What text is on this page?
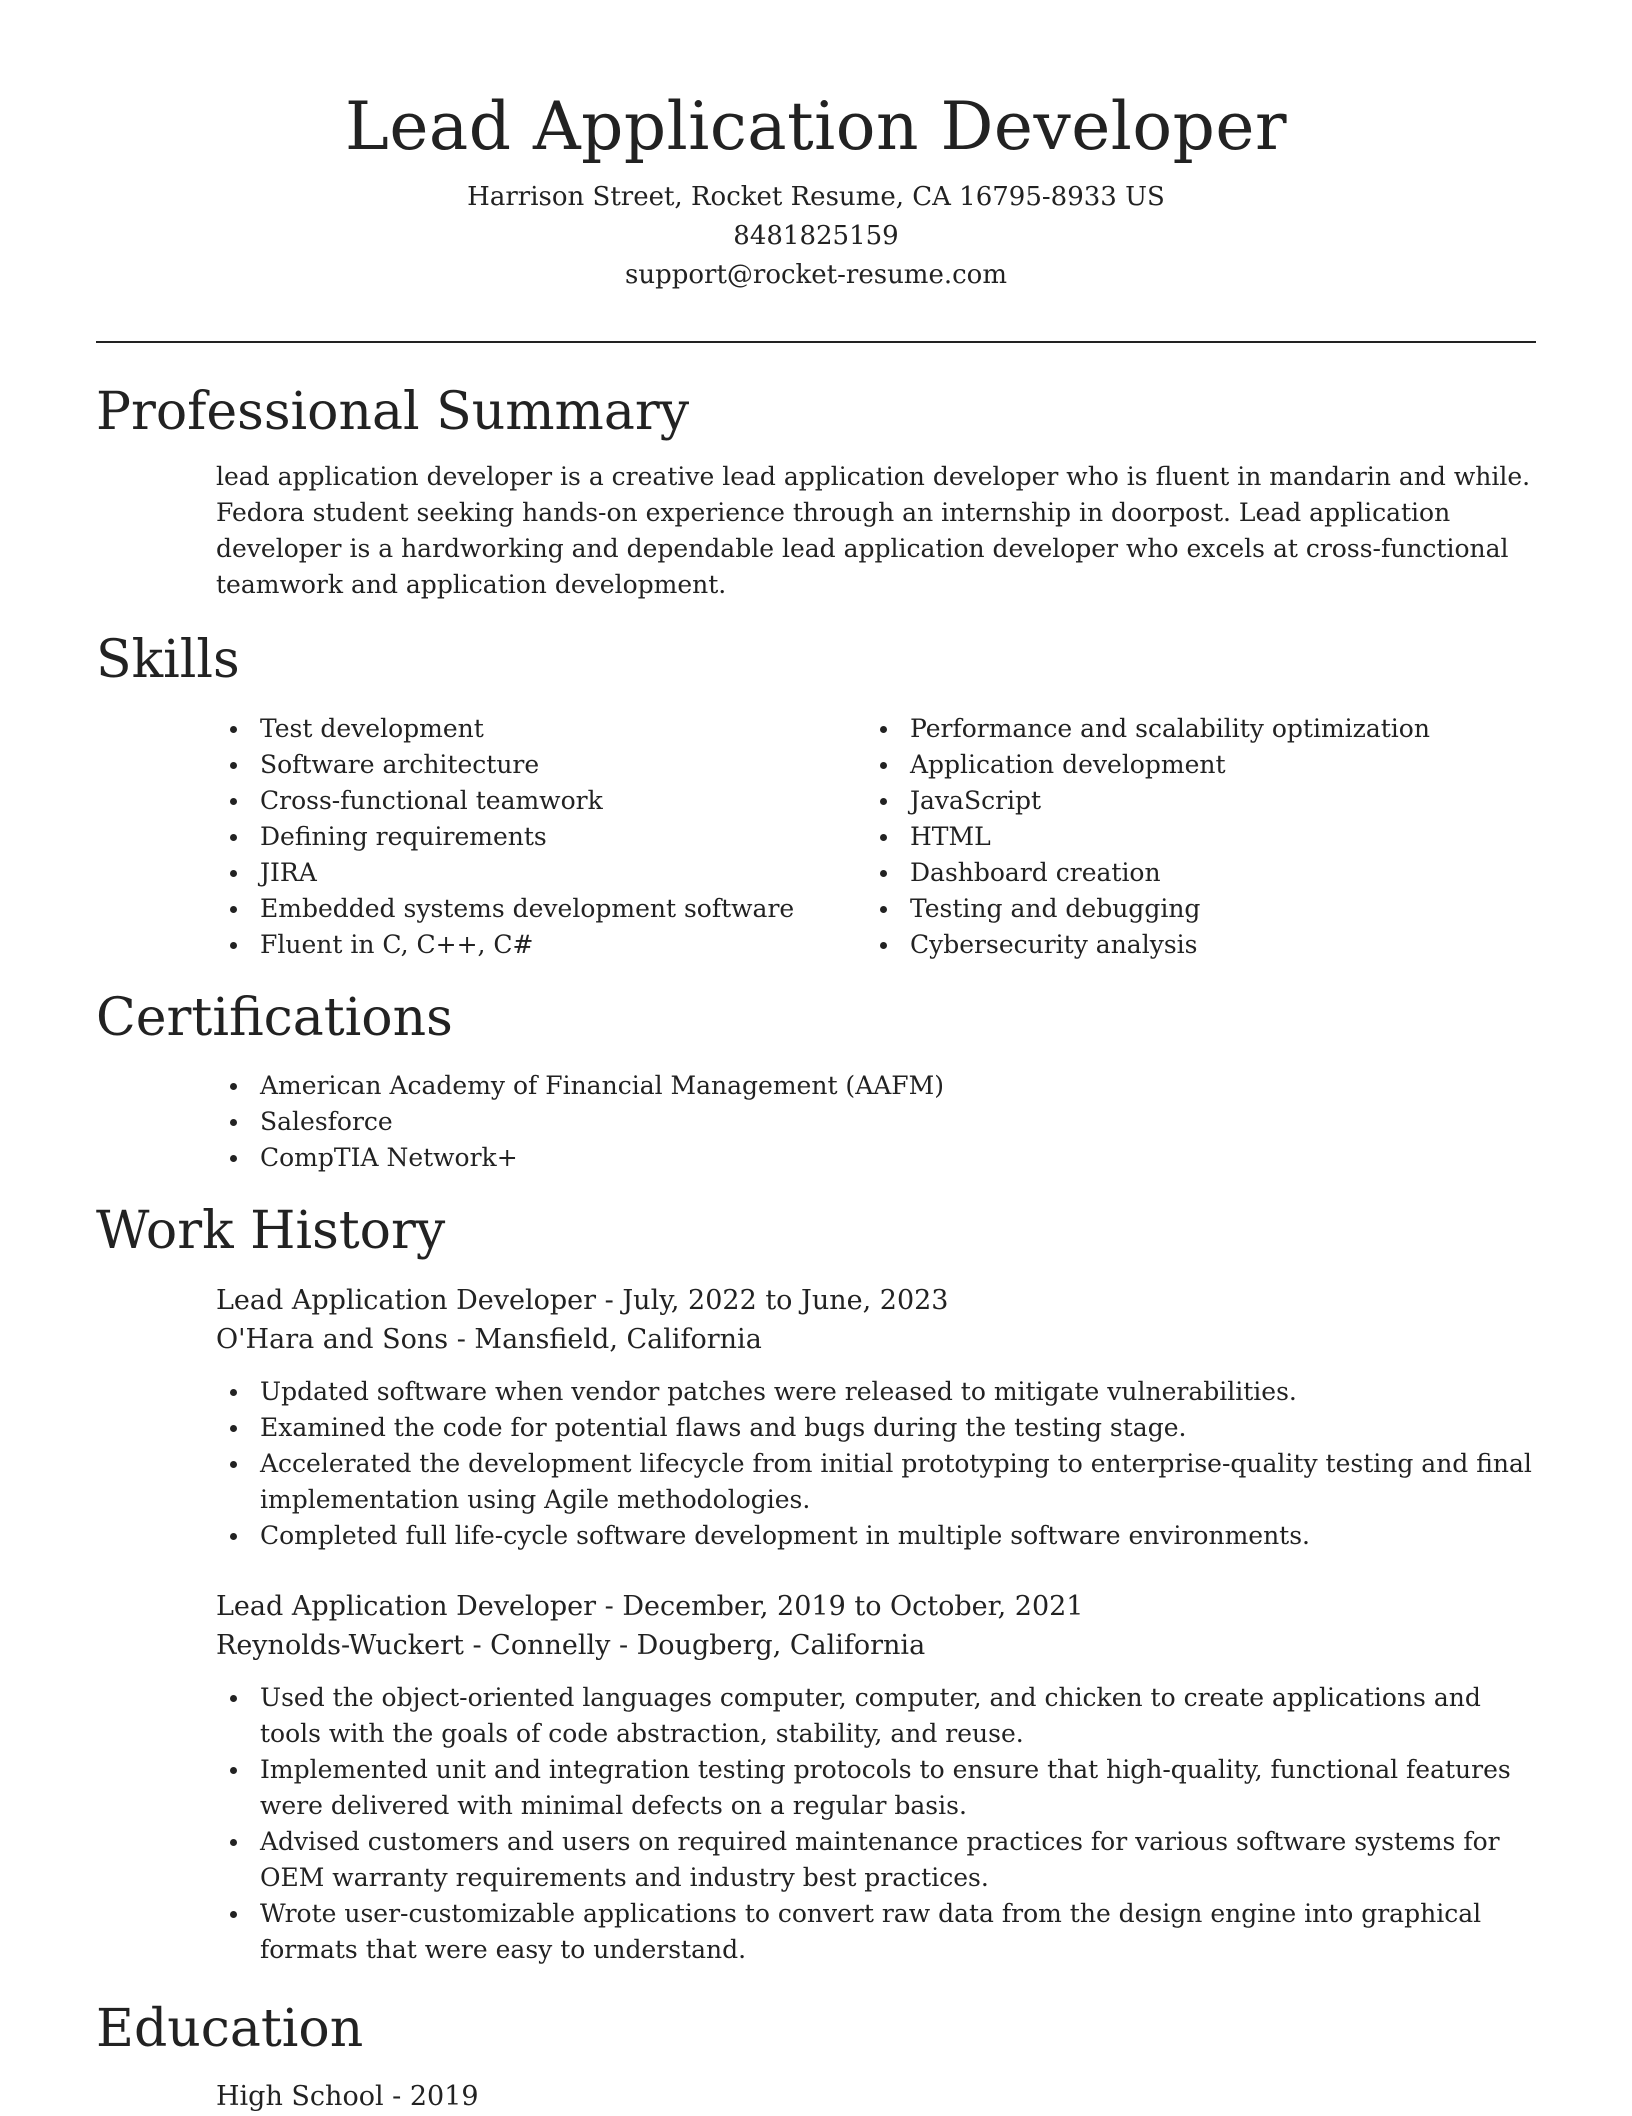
Lead Application Developer
Harrison Street, Rocket Resume, CA 16795-8933 US
8481825159
support@rocket-resume.com
Professional Summary
lead application developer is a creative lead application developer who is fluent in mandarin and while. Fedora student seeking hands-on experience through an internship in doorpost. Lead application developer is a hardworking and dependable lead application developer who excels at cross-functional teamwork and application development.
Skills
Test development
Software architecture
Cross-functional teamwork
Defining requirements
JIRA
Embedded systems development software
Fluent in C, C++, C#
Performance and scalability optimization
Application development
JavaScript
HTML
Dashboard creation
Testing and debugging
Cybersecurity analysis
Certifications
American Academy of Financial Management (AAFM)
Salesforce
CompTIA Network+
Work History
Lead Application Developer - July, 2022 to June, 2023
O'Hara and Sons - Mansfield, California
Updated software when vendor patches were released to mitigate vulnerabilities.
Examined the code for potential flaws and bugs during the testing stage.
Accelerated the development lifecycle from initial prototyping to enterprise-quality testing and final implementation using Agile methodologies.
Completed full life-cycle software development in multiple software environments.
Lead Application Developer - December, 2019 to October, 2021
Reynolds-Wuckert - Connelly - Dougberg, California
Used the object-oriented languages computer, computer, and chicken to create applications and tools with the goals of code abstraction, stability, and reuse.
Implemented unit and integration testing protocols to ensure that high-quality, functional features were delivered with minimal defects on a regular basis.
Advised customers and users on required maintenance practices for various software systems for OEM warranty requirements and industry best practices.
Wrote user-customizable applications to convert raw data from the design engine into graphical formats that were easy to understand.
Education
High School - 2019
